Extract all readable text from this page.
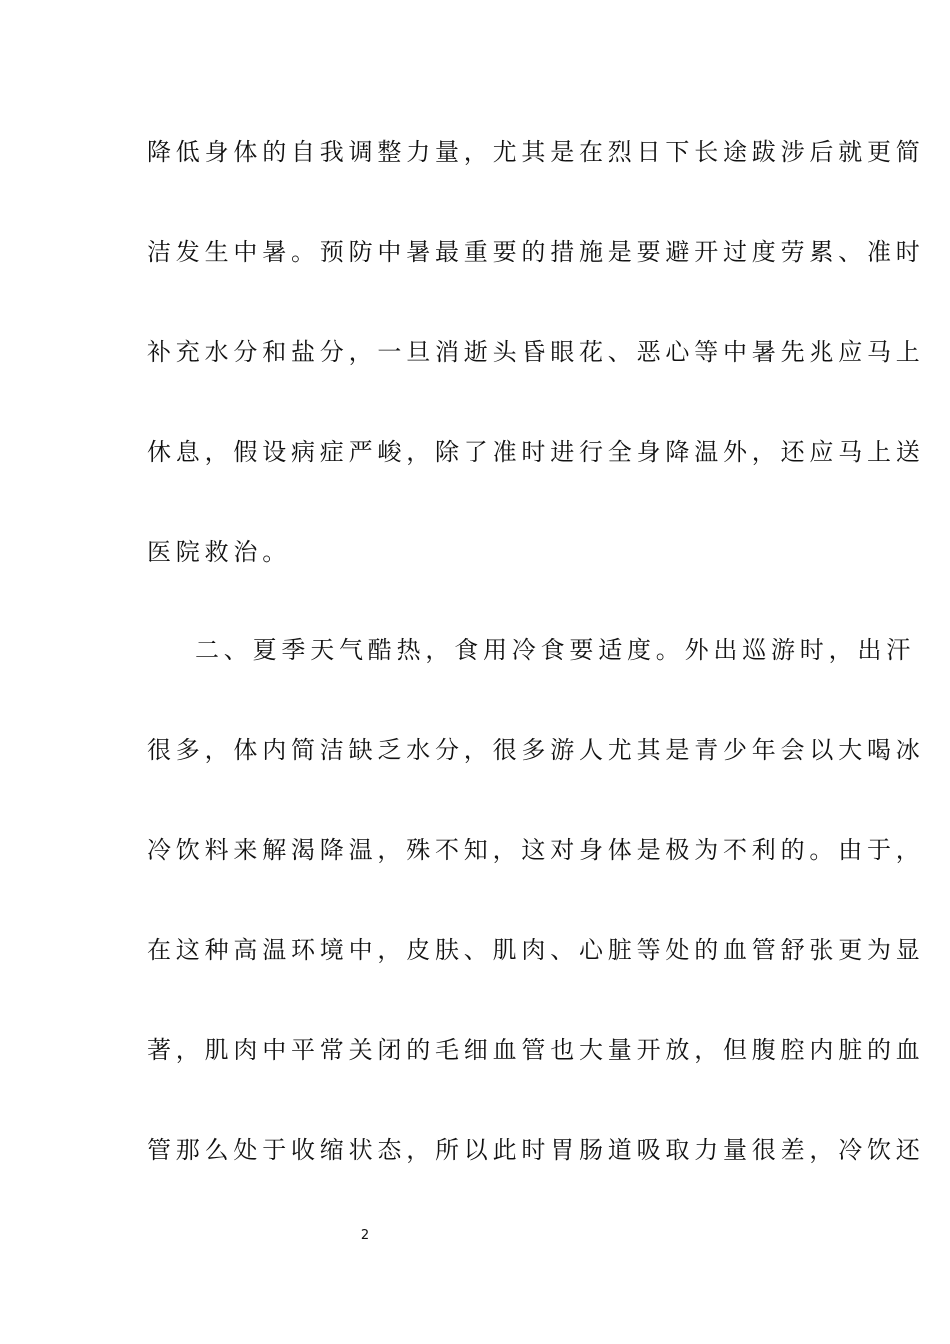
降低身体的自我调整力量，尤其是在烈日下长途跋涉后就更简
洁发生中暑。预防中暑最重要的措施是要避开过度劳累、准时
补充水分和盐分，一旦消逝头昏眼花、恶心等中暑先兆应马上
休息，假设病症严峻，除了准时进行全身降温外，还应马上送
医院救治。
二、夏季天气酷热，食用冷食要适度。外出巡游时，出汗
很多，体内简洁缺乏水分，很多游人尤其是青少年会以大喝冰
冷饮料来解渴降温，殊不知，这对身体是极为不利的。由于，
在这种高温环境中，皮肤、肌肉、心脏等处的血管舒张更为显
著，肌肉中平常关闭的毛细血管也大量开放，但腹腔内脏的血
管那么处于收缩状态，所以此时胃肠道吸取力量很差，冷饮还
2
